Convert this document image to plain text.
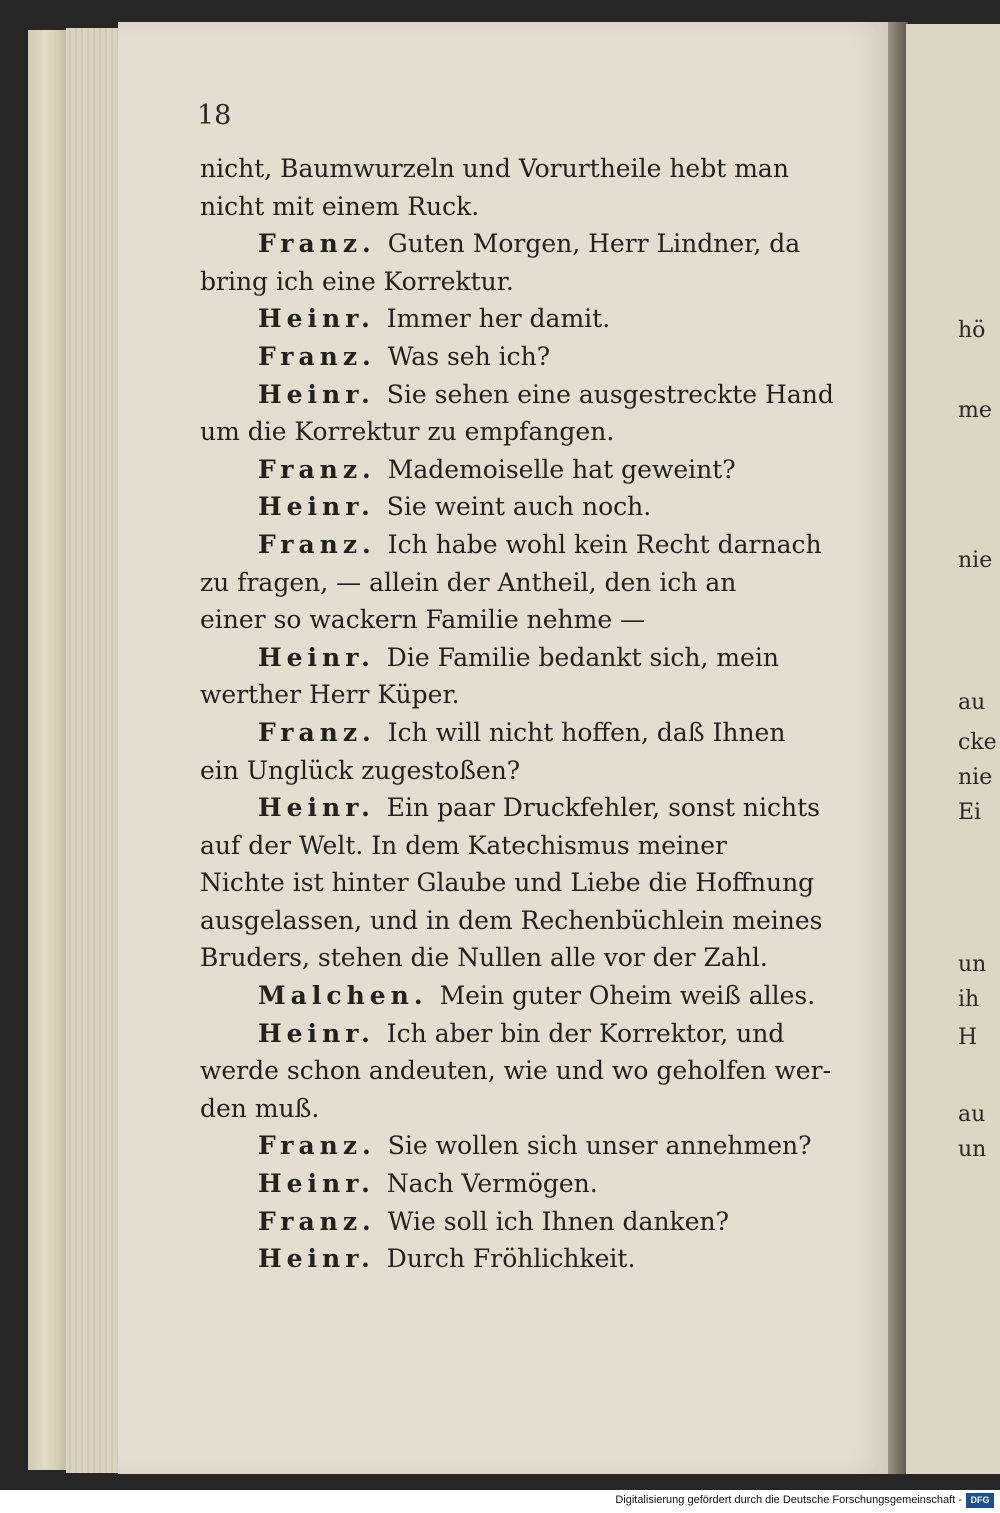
hö
me
nie
au
cke
nie
Ei
un
ih
H
au
un
18
nicht, Baumwurzeln und Vorurtheile hebt man
nicht mit einem Ruck.
Franz. Guten Morgen, Herr Lindner, da
bring ich eine Korrektur.
Heinr. Immer her damit.
Franz. Was seh ich?
Heinr. Sie sehen eine ausgestreckte Hand
um die Korrektur zu empfangen.
Franz. Mademoiselle hat geweint?
Heinr. Sie weint auch noch.
Franz. Ich habe wohl kein Recht darnach
zu fragen, — allein der Antheil, den ich an
einer so wackern Familie nehme —
Heinr. Die Familie bedankt sich, mein
werther Herr Küper.
Franz. Ich will nicht hoffen, daß Ihnen
ein Unglück zugestoßen?
Heinr. Ein paar Druckfehler, sonst nichts
auf der Welt. In dem Katechismus meiner
Nichte ist hinter Glaube und Liebe die Hoffnung
ausgelassen, und in dem Rechenbüchlein meines
Bruders, stehen die Nullen alle vor der Zahl.
Malchen. Mein guter Oheim weiß alles.
Heinr. Ich aber bin der Korrektor, und
werde schon andeuten, wie und wo geholfen wer-
den muß.
Franz. Sie wollen sich unser annehmen?
Heinr. Nach Vermögen.
Franz. Wie soll ich Ihnen danken?
Heinr. Durch Fröhlichkeit.
Digitalisierung gefördert durch die Deutsche Forschungsgemeinschaft - DFG
